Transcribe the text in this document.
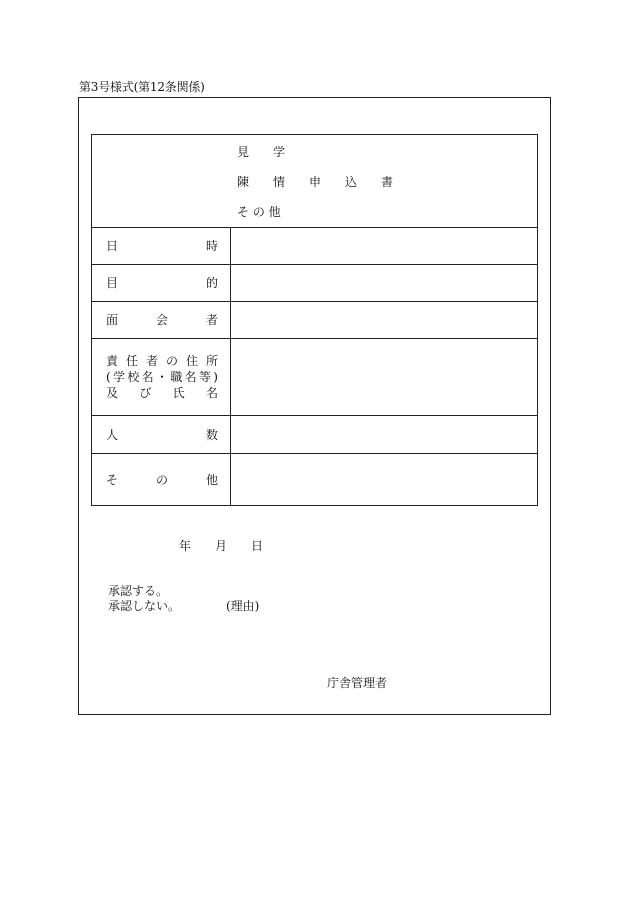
第3号様式(第12条関係)
見　　学
陳　　情　　申　　込　　書
そ の 他
日時
目的
面会者
責任者の住所
(学校名・職名等)
及び氏名
人数
その他
年　　月　　日
承認する。
承認しない。	(理由)
庁舎管理者
